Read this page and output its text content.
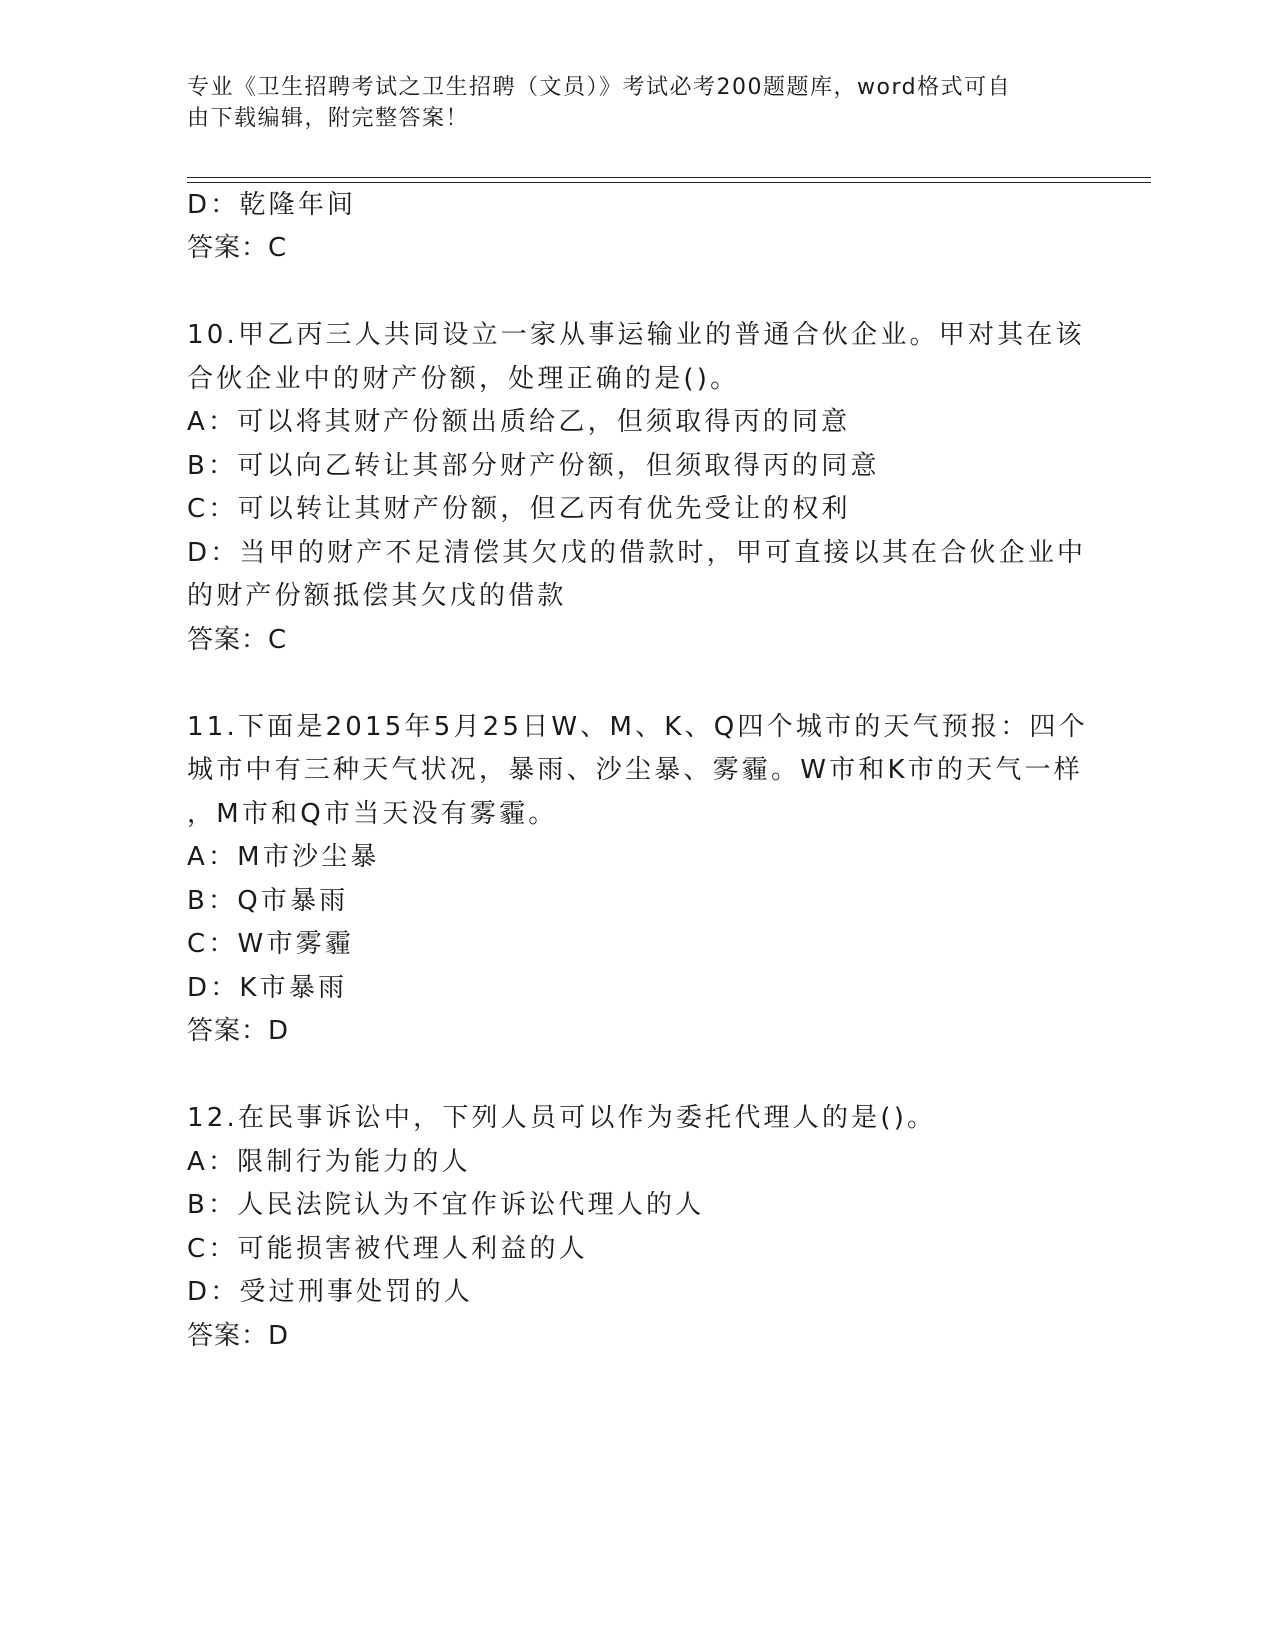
专业《卫生招聘考试之卫生招聘（文员）》考试必考200题题库，word格式可自
由下载编辑，附完整答案！
D：乾隆年间
答案：C
10.甲乙丙三人共同设立一家从事运输业的普通合伙企业。甲对其在该
合伙企业中的财产份额，处理正确的是()。
A：可以将其财产份额出质给乙，但须取得丙的同意
B：可以向乙转让其部分财产份额，但须取得丙的同意
C：可以转让其财产份额，但乙丙有优先受让的权利
D：当甲的财产不足清偿其欠戊的借款时，甲可直接以其在合伙企业中
的财产份额抵偿其欠戊的借款
答案：C
11.下面是2015年5月25日W、M、K、Q四个城市的天气预报：四个
城市中有三种天气状况，暴雨、沙尘暴、雾霾。W市和K市的天气一样
，M市和Q市当天没有雾霾。
A：M市沙尘暴
B：Q市暴雨
C：W市雾霾
D：K市暴雨
答案：D
12.在民事诉讼中，下列人员可以作为委托代理人的是()。
A：限制行为能力的人
B：人民法院认为不宜作诉讼代理人的人
C：可能损害被代理人利益的人
D：受过刑事处罚的人
答案：D
